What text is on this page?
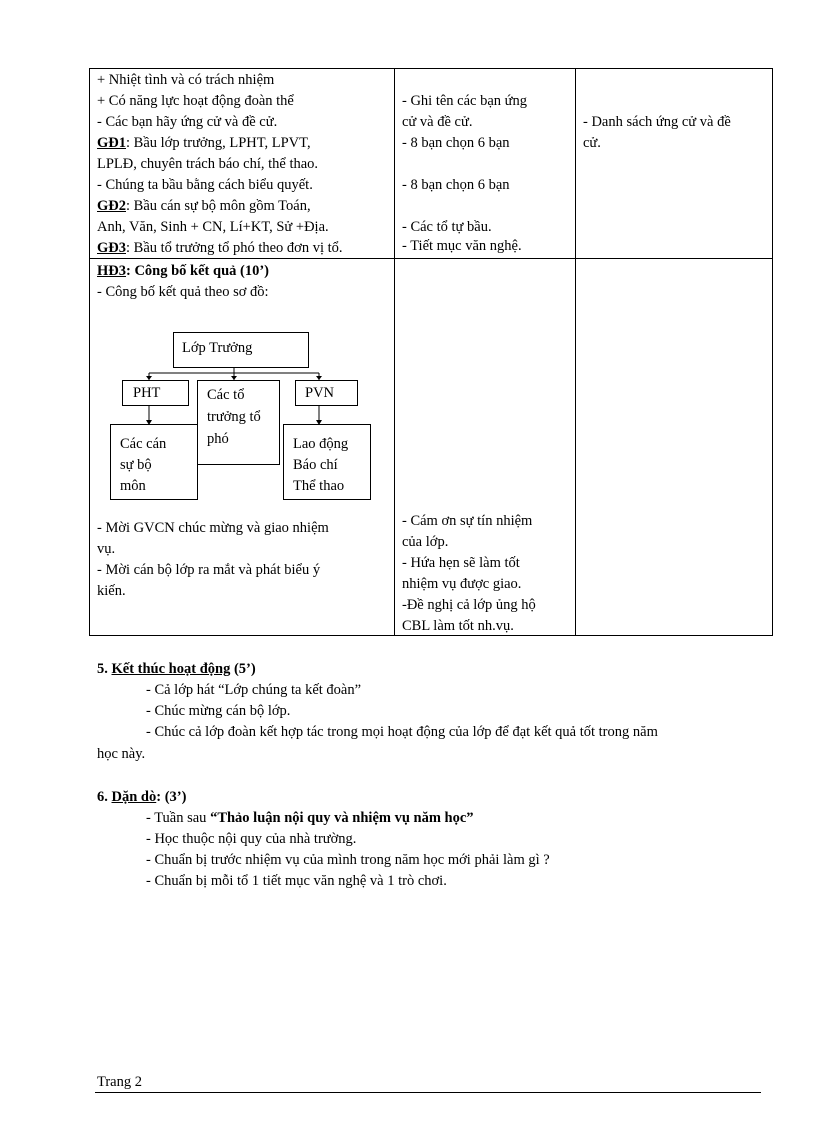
+ Nhiệt tình và có trách nhiệm
+ Có năng lực hoạt động đoàn thể
- Các bạn hãy ứng cử và đề cử.
GĐ1: Bầu lớp trưởng, LPHT, LPVT,
LPLĐ, chuyên trách báo chí, thể thao.
- Chúng ta bầu bằng cách biểu quyết.
GĐ2: Bầu cán sự bộ môn gồm Toán,
Anh, Văn, Sinh + CN, Lí+KT, Sử +Địa.
GĐ3: Bầu tổ trưởng tổ phó theo đơn vị tổ.
- Ghi tên các bạn ứng
cử và đề cử.
- 8 bạn chọn 6 bạn
- 8 bạn chọn 6 bạn
- Các tổ tự bầu.
- Tiết mục văn nghệ.
- Danh sách ứng cử và đề
cử.
HĐ3: Công bố kết quả (10’)
- Công bố kết quả theo sơ đồ:
Lớp Trưởng
PHT	PVN
Các tổ
trưởng tổ
phó
Các cán
sự bộ
môn
Lao động
Báo chí
Thể thao
- Mời GVCN chúc mừng và giao nhiệm
vụ.
- Mời cán bộ lớp ra mắt và phát biểu ý
kiến.
- Cám ơn sự tín nhiệm
của lớp.
- Hứa hẹn sẽ làm tốt
nhiệm vụ được giao.
-Đề nghị cả lớp ủng hộ
CBL làm tốt nh.vụ.
5. Kết thúc hoạt động (5’)
- Cả lớp hát “Lớp chúng ta kết đoàn”
- Chúc mừng cán bộ lớp.
- Chúc cả lớp đoàn kết hợp tác trong mọi hoạt động của lớp để đạt kết quả tốt trong năm
học này.
6. Dặn dò: (3’)
- Tuần sau “Thảo luận nội quy và nhiệm vụ năm học”
- Học thuộc nội quy của nhà trường.
- Chuẩn bị trước nhiệm vụ của mình trong năm học mới phải làm gì ?
- Chuẩn bị mỗi tổ 1 tiết mục văn nghệ và 1 trò chơi.
Trang 2
